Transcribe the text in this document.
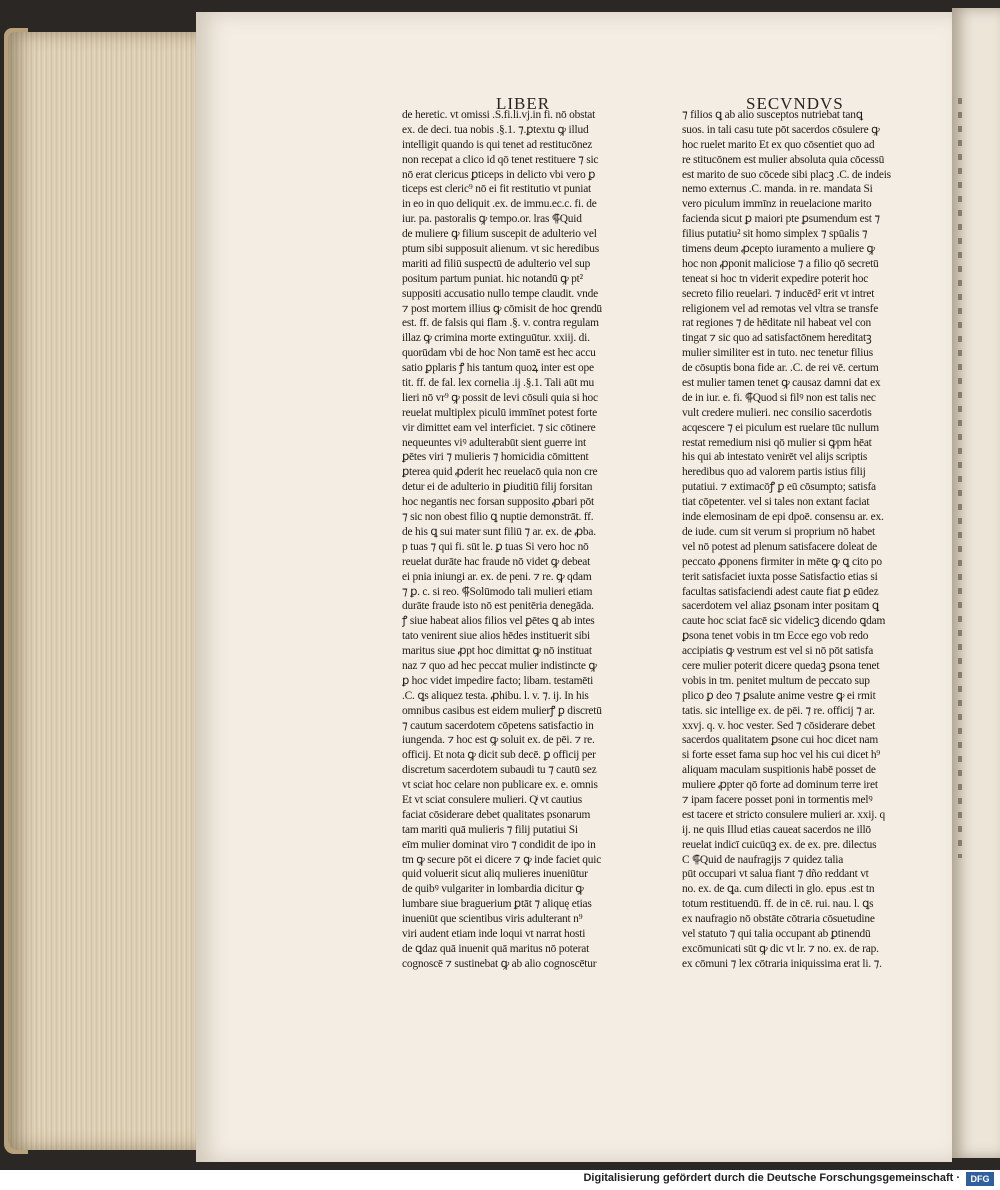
LIBER	SECVNDVS
de heretic. vt omissi .S.fi.li.vj.in fi. nō obstat
ex. de deci. tua nobis .§.1. ⁊.ꝑtextu ꝙ illud
intelligit quando is qui tenet ad restitucōnez
non recepat a clico id qō tenet restituere ⁊ sic
nō erat clericus ꝑticeps in delicto vbi vero ꝑ
ticeps est cleric⁹ nō ei fit restitutio vt puniat
in eo in quo deliquit .ex. de immu.ec.c. fi. de
iur. pa. pastoralis ꝙ tempo.or. lras ⸿Quid
de muliere ꝙ filium suscepit de adulterio vel
ptum sibi supposuit alienum. vt sic heredibus
mariti ad filiū suspectū de adulterio vel sup
positum partum puniat. hic notandū ꝙ pt²
suppositi accusatio nullo tempe claudit. vnde
⁊ post mortem illius ꝙ cōmisit de hoc ꝗrendū
est. ff. de falsis qui flam .§. v. contra regulam
illaz ꝙ crimina morte extinguūtur. xxiij. di.
quorūdam vbi de hoc Non tamē est hec accu
satio ꝑplaris ꝭ his tantum quoꝝ inter est ope
tit. ff. de fal. lex cornelia .ij .§.1. Tali aūt mu
lieri nō vr⁹ ꝙ possit de levi cōsuli quia si hoc
reuelat multiplex piculū immīnet potest forte
vir dimittet eam vel interficiet. ⁊ sic cōtinere
nequeuntes viꝰ adulterabūt sient guerre int
ꝑētes viri ⁊ mulieris ⁊ homicidia cōmittent
ꝑterea quid ꝓderit hec reuelacō quia non cre
detur ei de adulterio in ꝑiuditiū filij forsitan
hoc negantis nec forsan supposito ꝓbari pōt
⁊ sic non obest filio ꝗ nuptie demonstrāt. ff.
de his ꝗ sui mater sunt filiū ⁊ ar. ex. de ꝓba.
p tuas ⁊ qui fi. sūt le. ꝑ tuas Si vero hoc nō
reuelat durāte hac fraude nō videt ꝙ debeat
ei pnia iniungi ar. ex. de peni. ⁊ re. ꝙ qdam
⁊ ꝑ. c. si reo. ⸿Solūmodo tali mulieri etiam
durāte fraude isto nō est penitēria denegāda.
ꝭ siue habeat alios filios vel ꝑētes ꝗ ab intes
tato venirent siue alios hēdes instituerit sibi
maritus siue ꝓpt hoc dimittat ꝙ nō instituat
naz ⁊ quo ad hec peccat mulier indistincte ꝙ
ꝑ hoc videt impedire facto; libam. testamēti
.C. ꝗs aliquez testa. ꝓhibu. l. v. ⁊. ij. In his
omnibus casibus est eidem mulierꝭ ꝑ discretū
⁊ cautum sacerdotem cōpetens satisfactio in
iungenda. ⁊ hoc est ꝙ soluit ex. de pēi. ⁊ re.
officij. Et nota ꝙ dicit sub decē. ꝑ officij per
discretum sacerdotem subaudi tu ⁊ cautū sez
vt sciat hoc celare non publicare ex. e. omnis
Et vt sciat consulere mulieri. Qͥ vt cautius
faciat cōsiderare debet qualitates psonarum
tam mariti quā mulieris ⁊ filij putatiui Si
eīm mulier dominat viro ⁊ condidit de ipo in
tm ꝙ secure pōt ei dicere ⁊ ꝙ inde faciet quic
quid voluerit sicut aliq mulieres inueniūtur
de quibꝰ vulgariter in lombardia dicitur ꝙ
lumbare siue braguerium ꝑtāt ⁊ aliquę etias
inueniūt que scientibus viris adulterant n⁹
viri audent etiam inde loqui vt narrat hosti
de ꝗdaz quā inuenit quā maritus nō poterat
cognoscē ⁊ sustinebat ꝙ ab alio cognoscētur
⁊ filios ꝗ ab alio susceptos nutriebat tanꝗ
suos. in tali casu tute pōt sacerdos cōsulere ꝙ
hoc ruelet marito Et ex quo cōsentiet quo ad
re stitucōnem est mulier absoluta quia cōcessū
est marito de suo cōcede sibi placꝫ .C. de indeis
nemo externus .C. manda. in re. mandata Si
vero piculum immīnz in reuelacione marito
facienda sicut ꝑ maiori pte ꝑsumendum est ⁊
filius putatiu² sit homo simplex ⁊ spūalis ⁊
timens deum ꝓcepto iuramento a muliere ꝙ
hoc non ꝓponit maliciose ⁊ a filio qō secretū
teneat si hoc tn viderit expedire poterit hoc
secreto filio reuelari. ⁊ inducēd² erit vt intret
religionem vel ad remotas vel vltra se transfe
rat regiones ⁊ de hēditate nil habeat vel con
tingat ⁊ sic quo ad satisfactōnem hereditatꝫ
mulier similiter est in tuto. nec tenetur filius
de cōsuptis bona fide ar. .C. de rei vē. certum
est mulier tamen tenet ꝙ causaz damni dat ex
de in iur. e. fi. ⸿Quod si filꝰ non est talis nec
vult credere mulieri. nec consilio sacerdotis
acqescere ⁊ ei piculum est ruelare tūc nullum
restat remedium nisi qō mulier si ꝙpm hēat
his qui ab intestato venirēt vel alijs scriptis
heredibus quo ad valorem partis istius filij
putatiui. ⁊ extimacōꝭ ꝑ eū cōsumpto; satisfa
tiat cōpetenter. vel si tales non extant faciat
inde elemosinam de epi dpoē. consensu ar. ex.
de iude. cum sit verum si proprium nō habet
vel nō potest ad plenum satisfacere doleat de
peccato ꝓponens firmiter in mēte ꝙ ꝗ cito po
terit satisfaciet iuxta posse Satisfactio etias si
facultas satisfaciendi adest caute fiat ꝑ eūdez
sacerdotem vel aliaz ꝑsonam inter positam ꝗ
caute hoc sciat facē sic videlicꝫ dicendo ꝗdam
ꝑsona tenet vobis in tm Ecce ego vob redo
accipiatis ꝙ vestrum est vel si nō pōt satisfa
cere mulier poterit dicere quedaꝫ ꝑsona tenet
vobis in tm. penitet multum de peccato sup
plico ꝑ deo ⁊ ꝑsalute anime vestre ꝙ ei rmit
tatis. sic intellige ex. de pēi. ⁊ re. officij ⁊ ar.
xxvj. q. v. hoc vester. Sed ⁊ cōsiderare debet
sacerdos qualitatem ꝑsone cui hoc dicet nam
si forte esset fama sup hoc vel his cui dicet h⁹
aliquam maculam suspitionis habē posset de
muliere ꝓpter qō forte ad dominum terre iret
⁊ ipam facere posset poni in tormentis melꝰ
est tacere et stricto consulere mulieri ar. xxij. q
ij. ne quis Illud etias caueat sacerdos ne illō
reuelat indicī cuicūqꝫ ex. de ex. pre. dilectus
C ⸿Quid de naufragijs ⁊ quidez talia
pūt occupari vt salua fiant ⁊ dño reddant vt
no. ex. de ꝗa. cum dilecti in glo. epus .est tn
totum restituendū. ff. de in cē. rui. nau. l. ꝗs
ex naufragio nō obstāte cōtraria cōsuetudine
vel statuto ⁊ qui talia occupant ab ꝑtinendū
excōmunicati sūt ꝙ dic vt lr. ⁊ no. ex. de rap.
ex cōmuni ⁊ lex cōtraria iniquissima erat li. ⁊.
Digitalisierung gefördert durch die Deutsche Forschungsgemeinschaft ·	DFG
